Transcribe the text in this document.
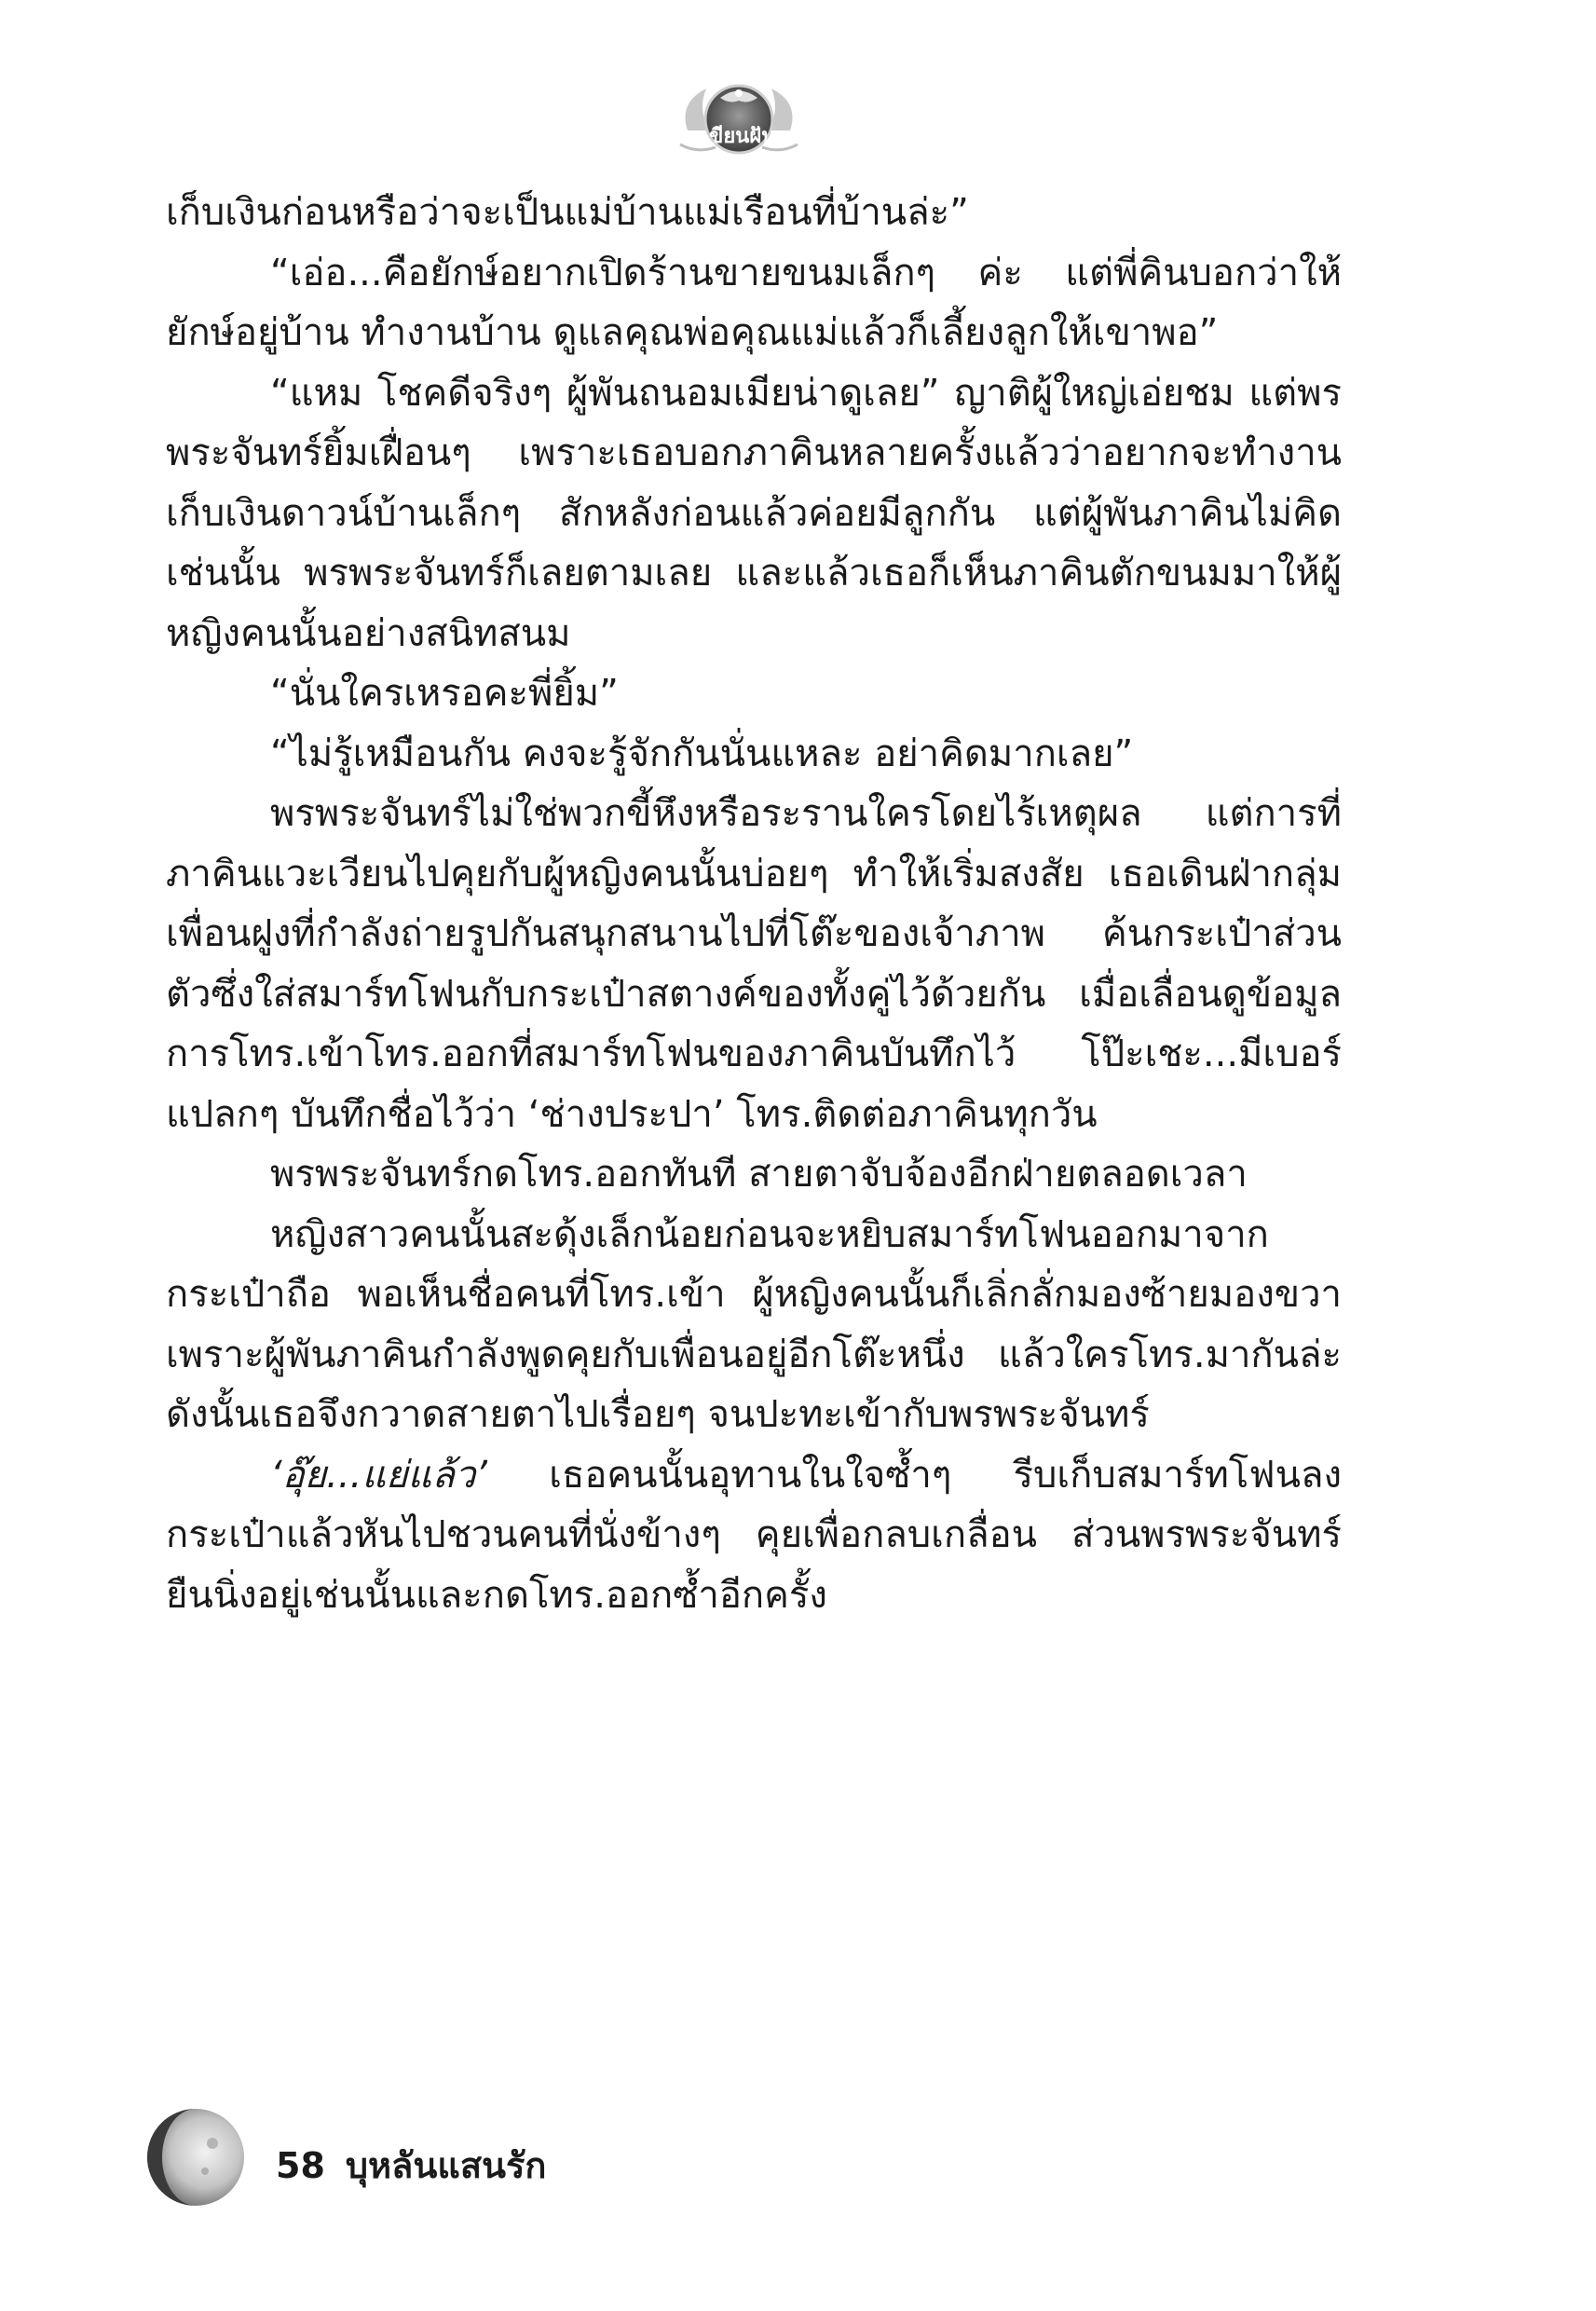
เขียนฝัน

เก็บเงินก่อนหรือว่าจะเป็นแม่บ้านแม่เรือนที่บ้านล่ะ”

“เอ่อ...คือยักษ์อยากเปิดร้านขายขนมเล็กๆ ค่ะ แต่พี่คินบอกว่าให้ยักษ์อยู่บ้าน ทำงานบ้าน ดูแลคุณพ่อคุณแม่แล้วก็เลี้ยงลูกให้เขาพอ”

“แหม โชคดีจริงๆ ผู้พันถนอมเมียน่าดูเลย” ญาติผู้ใหญ่เอ่ยชม แต่พรพระจันทร์ยิ้มเฝื่อนๆ เพราะเธอบอกภาคินหลายครั้งแล้วว่าอยากจะทำงานเก็บเงินดาวน์บ้านเล็กๆ สักหลังก่อนแล้วค่อยมีลูกกัน แต่ผู้พันภาคินไม่คิดเช่นนั้น พรพระจันทร์ก็เลยตามเลย และแล้วเธอก็เห็นภาคินตักขนมมาให้ผู้หญิงคนนั้นอย่างสนิทสนม

“นั่นใครเหรอคะพี่ยิ้ม”

“ไม่รู้เหมือนกัน คงจะรู้จักกันนั่นแหละ อย่าคิดมากเลย”

พรพระจันทร์ไม่ใช่พวกขี้หึงหรือระรานใครโดยไร้เหตุผล แต่การที่ภาคินแวะเวียนไปคุยกับผู้หญิงคนนั้นบ่อยๆ ทำให้เริ่มสงสัย เธอเดินฝ่ากลุ่มเพื่อนฝูงที่กำลังถ่ายรูปกันสนุกสนานไปที่โต๊ะของเจ้าภาพ ค้นกระเป๋าส่วนตัวซึ่งใส่สมาร์ทโฟนกับกระเป๋าสตางค์ของทั้งคู่ไว้ด้วยกัน เมื่อเลื่อนดูข้อมูลการโทร.เข้าโทร.ออกที่สมาร์ทโฟนของภาคินบันทึกไว้ โป๊ะเชะ...มีเบอร์แปลกๆ บันทึกชื่อไว้ว่า ‘ช่างประปา’ โทร.ติดต่อภาคินทุกวัน

พรพระจันทร์กดโทร.ออกทันที สายตาจับจ้องอีกฝ่ายตลอดเวลา

หญิงสาวคนนั้นสะดุ้งเล็กน้อยก่อนจะหยิบสมาร์ทโฟนออกมาจากกระเป๋าถือ พอเห็นชื่อคนที่โทร.เข้า ผู้หญิงคนนั้นก็เลิ่กลั่กมองซ้ายมองขวาเพราะผู้พันภาคินกำลังพูดคุยกับเพื่อนอยู่อีกโต๊ะหนึ่ง แล้วใครโทร.มากันล่ะ ดังนั้นเธอจึงกวาดสายตาไปเรื่อยๆ จนปะทะเข้ากับพรพระจันทร์

‘อุ๊ย...แย่แล้ว’ เธอคนนั้นอุทานในใจซ้ำๆ รีบเก็บสมาร์ทโฟนลงกระเป๋าแล้วหันไปชวนคนที่นั่งข้างๆ คุยเพื่อกลบเกลื่อน ส่วนพรพระจันทร์ยืนนิ่งอยู่เช่นนั้นและกดโทร.ออกซ้ำอีกครั้ง

58 บุหลันแสนรัก
